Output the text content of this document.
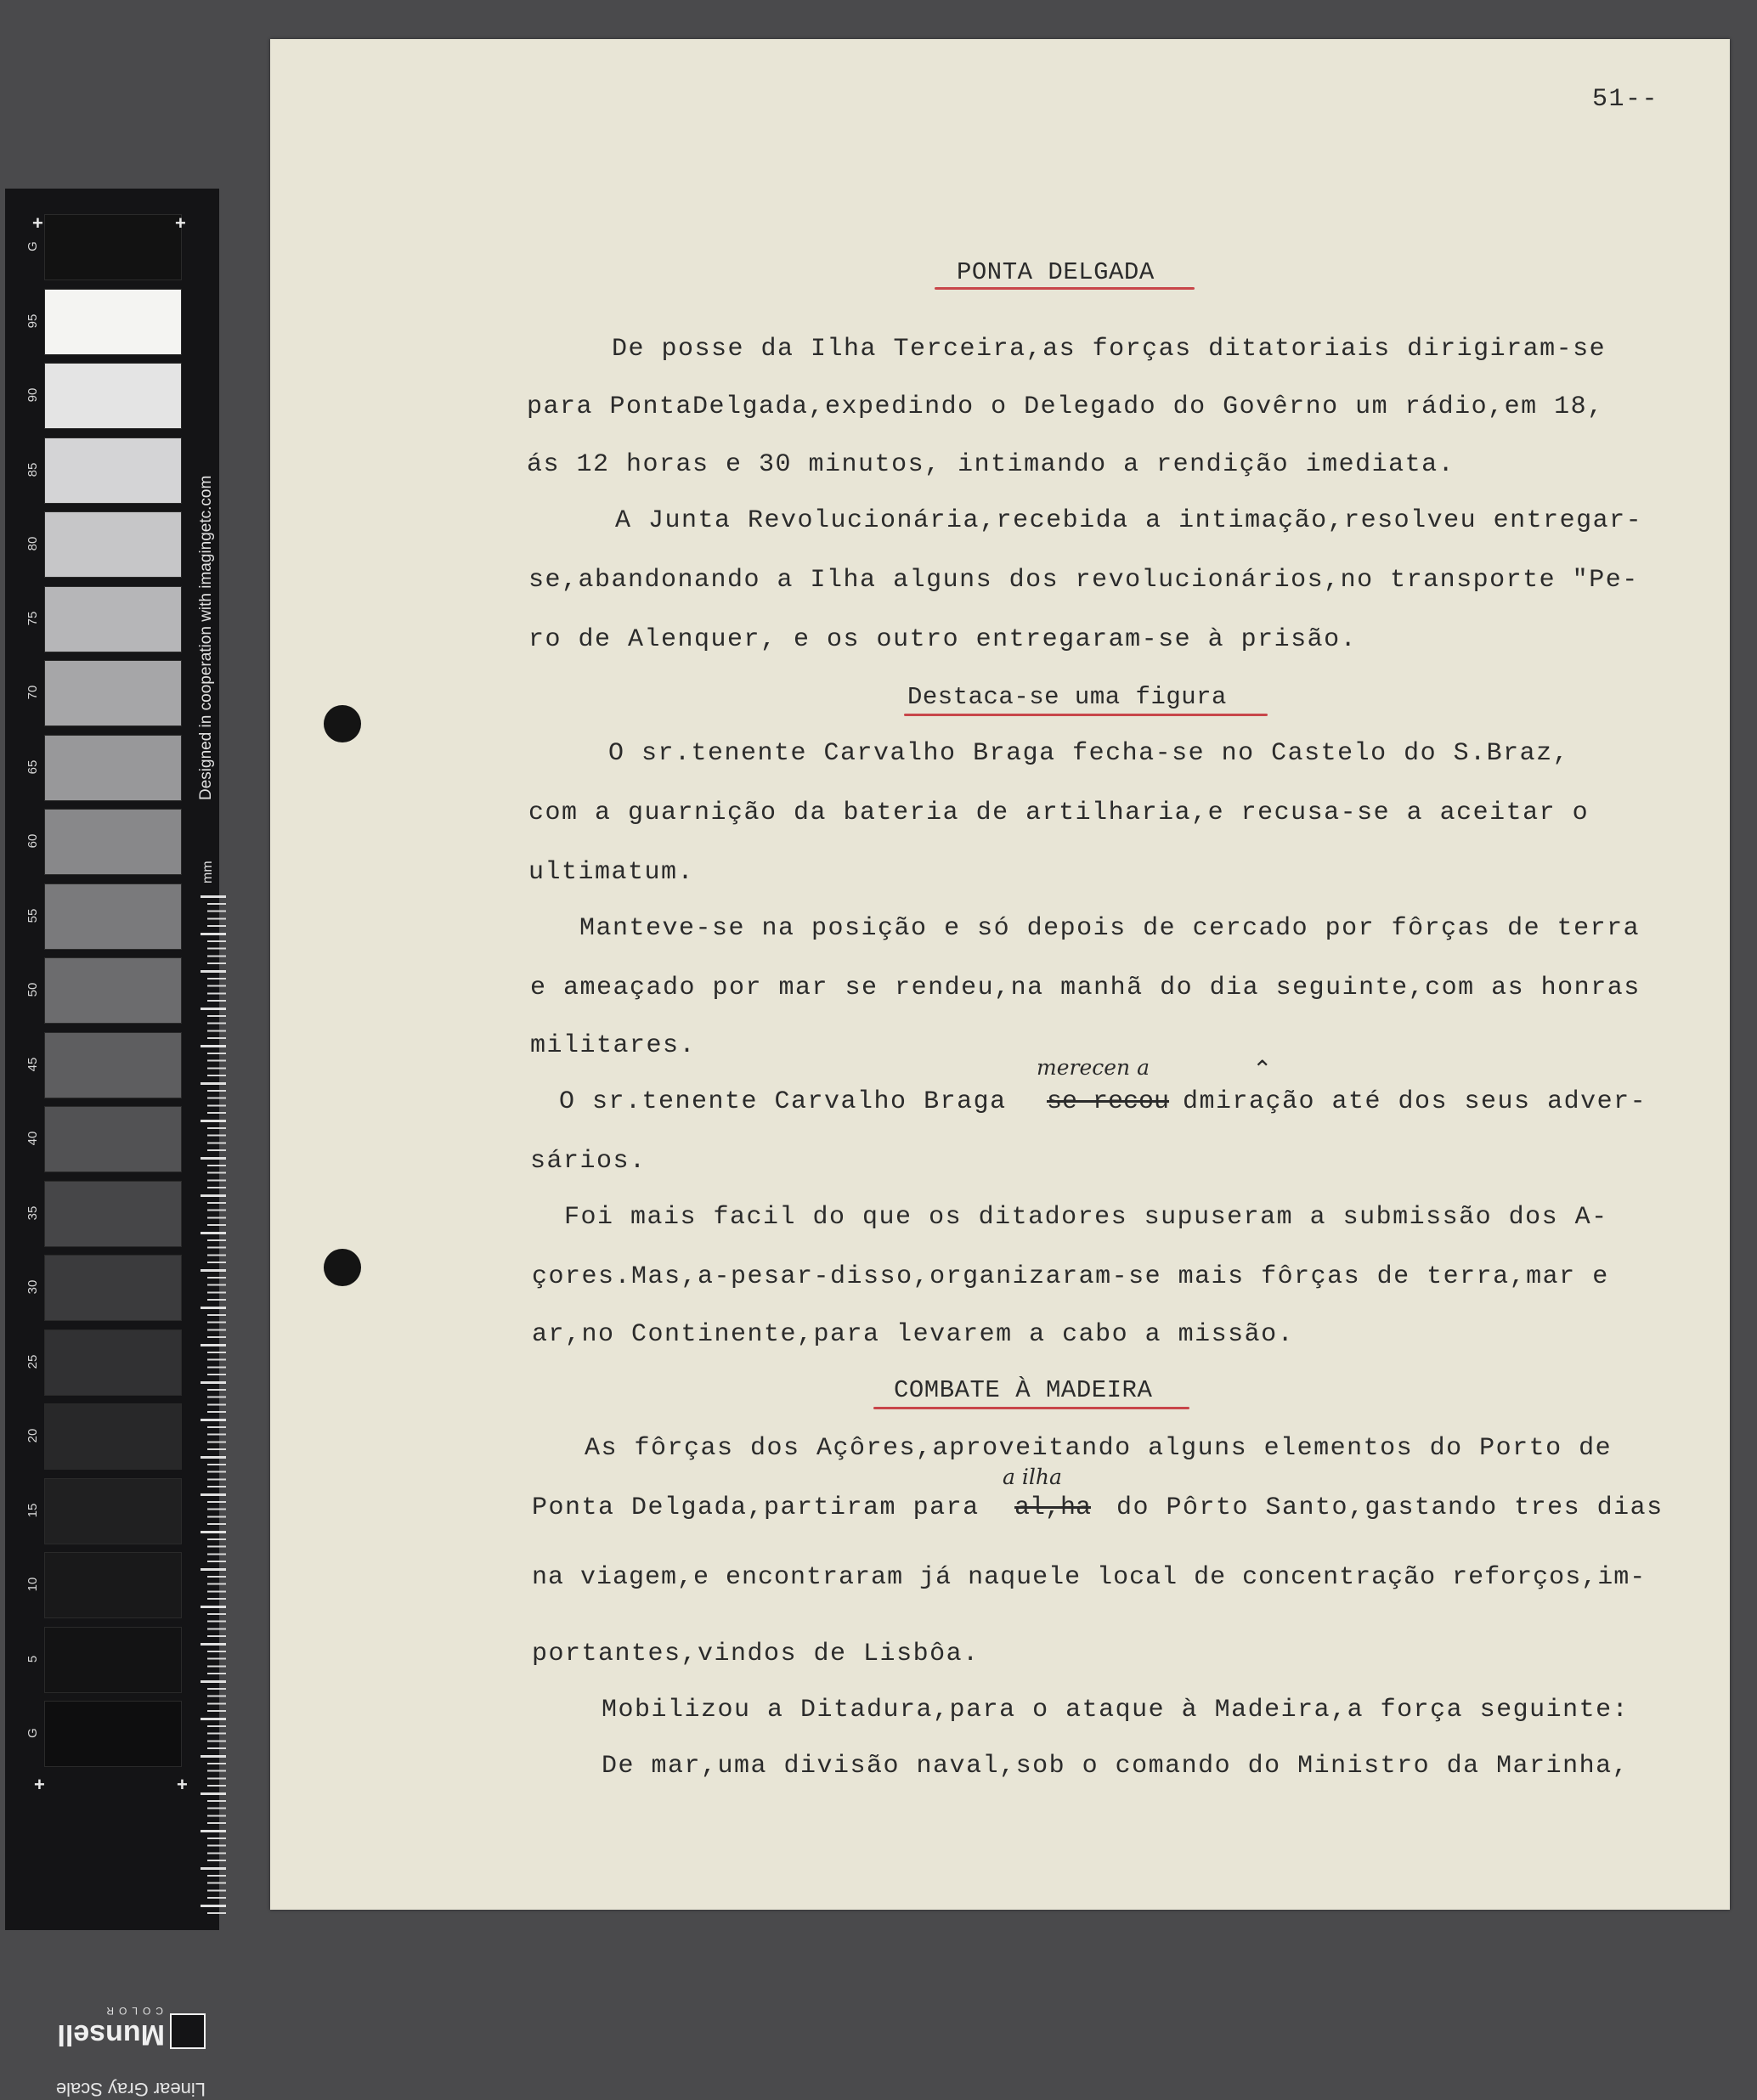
G
95
90
85
80
75
70
65
60
55
50
45
40
35
30
25
20
15
10
5
G
+	+
+	+
Designed in cooperation with imagingetc.com
mm
Linear Gray Scale
Munsell
COLOR
51--
PONTA DELGADA
De posse da Ilha Terceira,as forças ditatoriais dirigiram-se
para PontaDelgada,expedindo o Delegado do Govêrno um rádio,em 18,
ás 12 horas e 30 minutos, intimando a rendição imediata.
A Junta Revolucionária,recebida a intimação,resolveu entregar-
se,abandonando a Ilha alguns dos revolucionários,no transporte "Pe-
ro de Alenquer, e os outro entregaram-se à prisão.
Destaca-se uma figura
O sr.tenente Carvalho Braga fecha-se no Castelo do S.Braz,
com a guarnição da bateria de artilharia,e recusa-se a aceitar o
ultimatum.
Manteve-se na posição e só depois de cercado por fôrças de terra
e ameaçado por mar se rendeu,na manhã do dia seguinte,com as honras
militares.
merecen a
O sr.tenente Carvalho Braga se recou dmiração até dos seus adver-
sários.
Foi mais facil do que os ditadores supuseram a submissão dos A-
çores.Mas,a-pesar-disso,organizaram-se mais fôrças de terra,mar e
ar,no Continente,para levarem a cabo a missão.
COMBATE À MADEIRA
As fôrças dos Açôres,aproveitando alguns elementos do Porto de
a ilha
Ponta Delgada,partiram para al,ha do Pôrto Santo,gastando tres dias
na viagem,e encontraram já naquele local de concentração reforços,im-
portantes,vindos de Lisbôa.
Mobilizou a Ditadura,para o ataque à Madeira,a força seguinte:
De mar,uma divisão naval,sob o comando do Ministro da Marinha,
⌃
